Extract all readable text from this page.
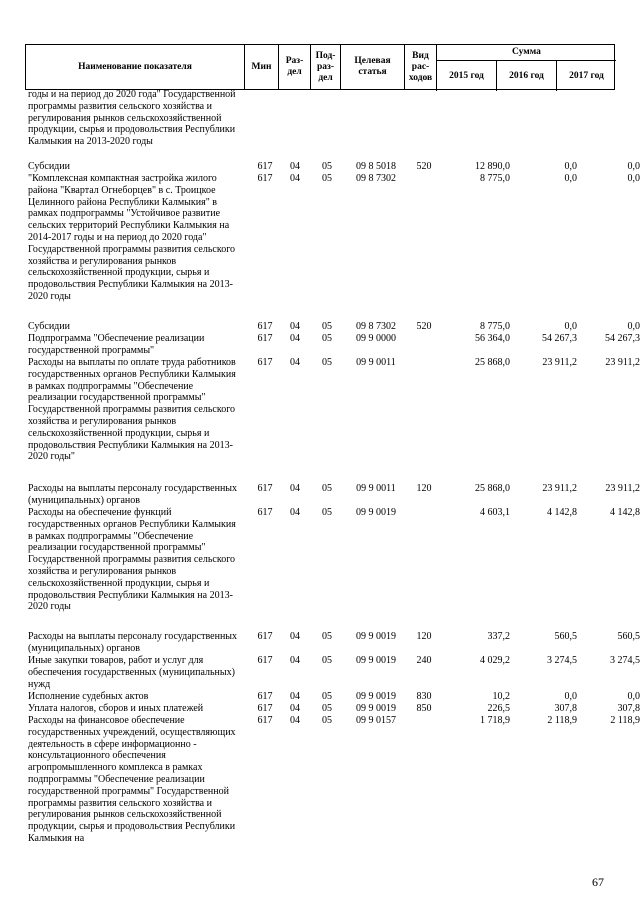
Наименование показателя	Мин
Раз-
дел
Под-
раз-
дел
Целевая
статья
Вид
рас-
ходов
Сумма
2015 год	2016 год	2017 год
годы и на период до 2020 года" Государственной программы развития сельского хозяйства и регулирования рынков сельскохозяйственной продукции, сырья и продовольствия Республики Калмыкия на 2013-2020 годы
Субсидии	617	04	05	09 8 5018	520	12 890,0	0,0	0,0
"Комплексная компактная застройка жилого района "Квартал Огнеборцев" в с. Троицкое Целинного района Республики Калмыкия" в рамках подпрограммы "Устойчивое развитие сельских территорий Республики Калмыкия на 2014-2017 годы и на период до 2020 года" Государственной программы развития сельского хозяйства и регулирования рынков сельскохозяйственной продукции, сырья и продовольствия Республики Калмыкия на 2013-2020 годы
617	04	05	09 8 7302	8 775,0	0,0	0,0
Субсидии	617	04	05	09 8 7302	520	8 775,0	0,0	0,0
Подпрограмма "Обеспечение реализации государственной программы"
617	04	05	09 9 0000	56 364,0	54 267,3	54 267,3
Расходы на выплаты по оплате труда работников государственных органов Республики Калмыкия в рамках подпрограммы "Обеспечение реализации государственной программы" Государственной программы развития сельского хозяйства и регулирования рынков сельскохозяйственной продукции, сырья и продовольствия Республики Калмыкия на 2013-2020 годы"
617	04	05	09 9 0011	25 868,0	23 911,2	23 911,2
Расходы на выплаты персоналу государственных (муниципальных) органов
617	04	05	09 9 0011	120	25 868,0	23 911,2	23 911,2
Расходы на обеспечение функций государственных органов Республики Калмыкия в рамках подпрограммы "Обеспечение реализации государственной программы" Государственной программы развития сельского хозяйства и регулирования рынков сельскохозяйственной продукции, сырья и продовольствия Республики Калмыкия на 2013-2020 годы
617	04	05	09 9 0019	4 603,1	4 142,8	4 142,8
Расходы на выплаты персоналу государственных (муниципальных) органов
617	04	05	09 9 0019	120	337,2	560,5	560,5
Иные закупки товаров, работ и услуг для обеспечения государственных (муниципальных) нужд
617	04	05	09 9 0019	240	4 029,2	3 274,5	3 274,5
Исполнение судебных актов	617	04	05	09 9 0019	830	10,2	0,0	0,0
Уплата налогов, сборов и иных платежей	617	04	05	09 9 0019	850	226,5	307,8	307,8
Расходы на финансовое обеспечение государственных учреждений, осуществляющих деятельность в сфере информационно - консультационного обеспечения агропромышленного комплекса в рамках подпрограммы "Обеспечение реализации государственной программы" Государственной программы развития сельского хозяйства и регулирования рынков сельскохозяйственной продукции, сырья и продовольствия Республики Калмыкия на
617	04	05	09 9 0157	1 718,9	2 118,9	2 118,9
67
